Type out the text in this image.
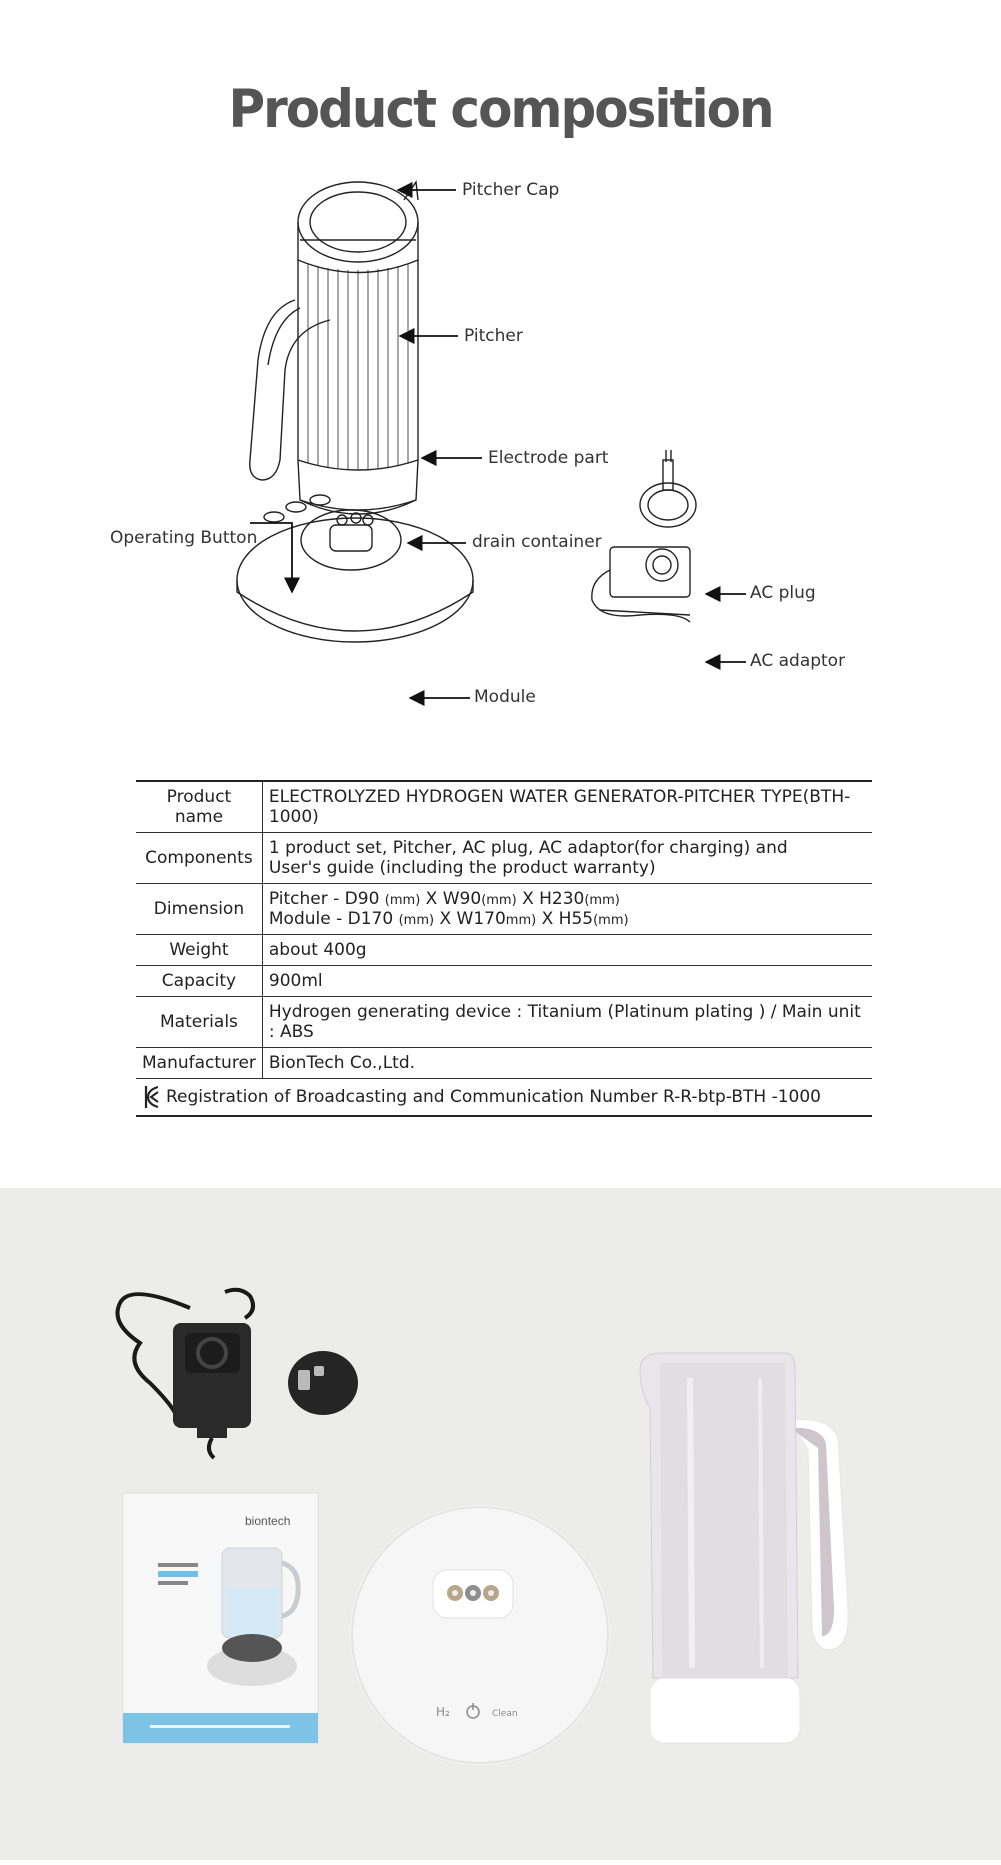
Product composition
Pitcher Cap
Pitcher
Electrode part
drain container
Operating Button
Module
AC plug
AC adaptor
Product name	ELECTROLYZED HYDROGEN WATER GENERATOR-PITCHER TYPE(BTH-1000)
Components	1 product set, Pitcher, AC plug, AC adaptor(for charging) and
User's guide (including the product warranty)

Dimension	Pitcher - D90 (mm) X W90(mm) X H230(mm)
Module - D170 (mm) X W170mm) X H55(mm)

Weight	about 400g
Capacity	900ml
Materials	Hydrogen generating device : Titanium (Platinum plating ) / Main unit : ABS
Manufacturer	BionTech Co.,Ltd.
Registration of Broadcasting and Communication Number R-R-btp-BTH -1000	
biontech
H₂	Clean
